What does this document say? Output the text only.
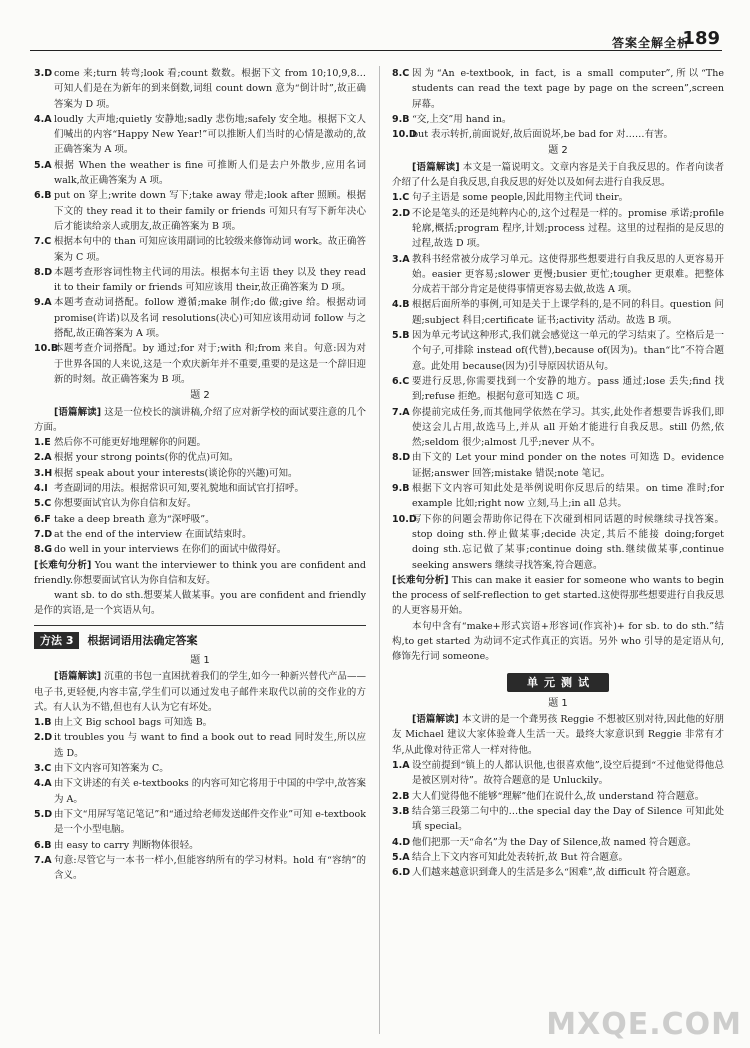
答案全解全析
189
3.D come 来;turn 转弯;look 看;count 数数。根据下文 from 10;10,9,8…可知人们是在为新年的到来倒数,词组 count down 意为“倒计时”,故正确答案为 D 项。
4.A loudly 大声地;quietly 安静地;sadly 悲伤地;safely 安全地。根据下文人们喊出的内容“Happy New Year!”可以推断人们当时的心情是激动的,故正确答案为 A 项。
5.A 根据 When the weather is fine 可推断人们是去户外散步,应用名词 walk,故正确答案为 A 项。
6.B put on 穿上;write down 写下;take away 带走;look after 照顾。根据下文的 they read it to their family or friends 可知只有写下新年决心后才能读给亲人或朋友,故正确答案为 B 项。
7.C 根据本句中的 than 可知应该用副词的比较级来修饰动词 work。故正确答案为 C 项。
8.D 本题考查形容词性物主代词的用法。根据本句主语 they 以及 they read it to their family or friends 可知应该用 their,故正确答案为 D 项。
9.A 本题考查动词搭配。follow 遵循;make 制作;do 做;give 给。根据动词 promise(许诺)以及名词 resolutions(决心)可知应该用动词 follow 与之搭配,故正确答案为 A 项。
10.B
本题考查介词搭配。by 通过;for 对于;with 和;from 来自。句意:因为对于世界各国的人来说,这是一个欢庆新年并不重要,重要的是这是一个辞旧迎新的时刻。故正确答案为 B 项。
题 2
[语篇解读] 这是一位校长的演讲稿,介绍了应对新学校的面试要注意的几个方面。
1.E 然后你不可能更好地理解你的问题。
2.A 根据 your strong points(你的优点)可知。
3.H 根据 speak about your interests(谈论你的兴趣)可知。
4.I 考查副词的用法。根据常识可知,要礼貌地和面试官打招呼。
5.C 你想要面试官认为你自信和友好。
6.F take a deep breath 意为“深呼吸”。
7.D at the end of the interview 在面试结束时。
8.G do well in your interviews 在你们的面试中做得好。
[长难句分析] You want the interviewer to think you are confident and friendly.你想要面试官认为你自信和友好。
want sb. to do sth.想要某人做某事。you are confident and friendly 是作的宾语,是一个宾语从句。
方法 3	根据词语用法确定答案
题 1
[语篇解读] 沉重的书包一直困扰着我们的学生,如今一种新兴替代产品——电子书,更轻便,内容丰富,学生们可以通过发电子邮件来取代以前的交作业的方式。有人认为不错,但也有人认为它有坏处。
1.B 由上文 Big school bags 可知选 B。
2.D it troubles you 与 want to find a book out to read 同时发生,所以应选 D。
3.C 由下文内容可知答案为 C。
4.A 由下文讲述的有关 e-textbooks 的内容可知它将用于中国的中学中,故答案为 A。
5.D 由下文“用屏写笔记笔记”和“通过给老师发送邮件交作业”可知 e-textbook 是一个小型电脑。
6.B 由 easy to carry 判断物体很轻。
7.A 句意:尽管它与一本书一样小,但能容纳所有的学习材料。hold 有“容纳”的含义。
8.C 因为“An e-textbook, in fact, is a small computer”,所以“The students can read the text page by page on the screen”,screen 屏幕。
9.B “交,上交”用 hand in。
10.D
but 表示转折,前面说好,故后面说坏,be bad for 对……有害。
题 2
[语篇解读] 本文是一篇说明文。文章内容是关于自我反思的。作者向读者介绍了什么是自我反思,自我反思的好处以及如何去进行自我反思。
1.C 句子主语是 some people,因此用物主代词 their。
2.D 不论是笔头的还是纯粹内心的,这个过程是一样的。promise 承诺;profile 轮廓,概括;program 程序,计划;process 过程。这里的过程指的是反思的过程,故选 D 项。
3.A 教科书经常被分成学习单元。这使得那些想要进行自我反思的人更容易开始。easier 更容易;slower 更慢;busier 更忙;tougher 更艰难。把整体分成若干部分肯定是使得事情更容易去做,故选 A 项。
4.B 根据后面所举的事例,可知是关于上课学科的,是不同的科目。question 问题;subject 科目;certificate 证书;activity 活动。故选 B 项。
5.B 因为单元考试这种形式,我们就会感觉这一单元的学习结束了。空格后是一个句子,可排除 instead of(代替),because of(因为)。than“比”不符合题意。此处用 because(因为)引导原因状语从句。
6.C 要进行反思,你需要找到一个安静的地方。pass 通过;lose 丢失;find 找到;refuse 拒绝。根据句意可知选 C 项。
7.A 你提前完成任务,而其他同学依然在学习。其实,此处作者想要告诉我们,即使这会儿占用,故选马上,并从 all 开始才能进行自我反思。still 仍然,依然;seldom 很少;almost 几乎;never 从不。
8.D 由下文的 Let your mind ponder on the notes 可知选 D。evidence 证据;answer 回答;mistake 错误;note 笔记。
9.B 根据下文内容可知此处是举例说明你反思后的结果。on time 准时;for example 比如;right now 立刻,马上;in all 总共。
10.D
写下你的问题会帮助你记得在下次碰到相同话题的时候继续寻找答案。stop doing sth.停止做某事;decide 决定,其后不能接 doing;forget doing sth.忘记做了某事;continue doing sth.继续做某事,continue seeking answers 继续寻找答案,符合题意。
[长难句分析] This can make it easier for someone who wants to begin the process of self-reflection to get started.这使得那些想要进行自我反思的人更容易开始。
本句中含有“make+形式宾语+形容词(作宾补)+ for sb. to do sth.”结构,to get started 为动词不定式作真正的宾语。另外 who 引导的是定语从句,修饰先行词 someone。
单元测试
题 1
[语篇解读] 本文讲的是一个聋男孩 Reggie 不想被区别对待,因此他的好朋友 Michael 建议大家体验聋人生活一天。最终大家意识到 Reggie 非常有才华,从此像对待正常人一样对待他。
1.A 设空前提到“镇上的人都认识他,也很喜欢他”,设空后提到“不过他觉得他总是被区别对待”。故符合题意的是 Unluckily。
2.B 大人们觉得他不能够“理解”他们在说什么,故 understand 符合题意。
3.B 结合第三段第二句中的…the special day the Day of Silence 可知此处填 special。
4.D 他们把那一天“命名”为 the Day of Silence,故 named 符合题意。
5.A 结合上下文内容可知此处表转折,故 But 符合题意。
6.D 人们越来越意识到聋人的生活是多么“困难”,故 difficult 符合题意。
MXQE.COM
